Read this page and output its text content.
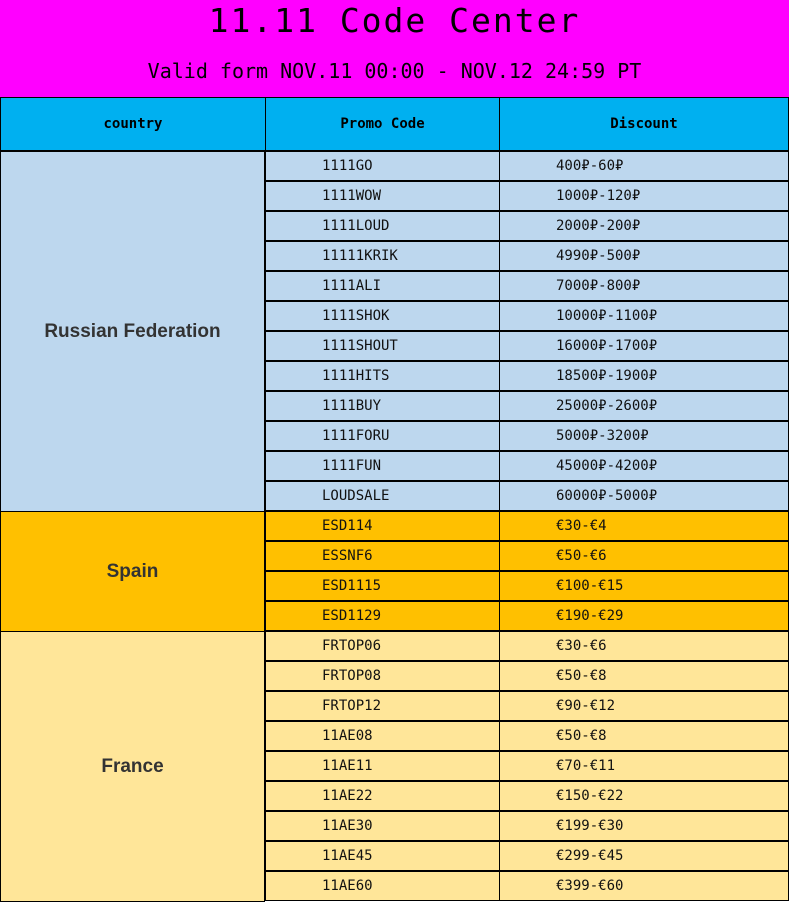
11.11 Code Center
Valid form NOV.11 00:00 - NOV.12 24:59 PT
country	Promo Code	Discount
Russian Federation
1111GO	400₽-60₽
1111WOW	1000₽-120₽
1111LOUD	2000₽-200₽
11111KRIK	4990₽-500₽
1111ALI	7000₽-800₽
1111SHOK	10000₽-1100₽
1111SHOUT	16000₽-1700₽
1111HITS	18500₽-1900₽
1111BUY	25000₽-2600₽
1111FORU	5000₽-3200₽
1111FUN	45000₽-4200₽
LOUDSALE	60000₽-5000₽
Spain
ESD114	€30-€4
ESSNF6	€50-€6
ESD1115	€100-€15
ESD1129	€190-€29
France
FRTOP06	€30-€6
FRTOP08	€50-€8
FRTOP12	€90-€12
11AE08	€50-€8
11AE11	€70-€11
11AE22	€150-€22
11AE30	€199-€30
11AE45	€299-€45
11AE60	€399-€60
